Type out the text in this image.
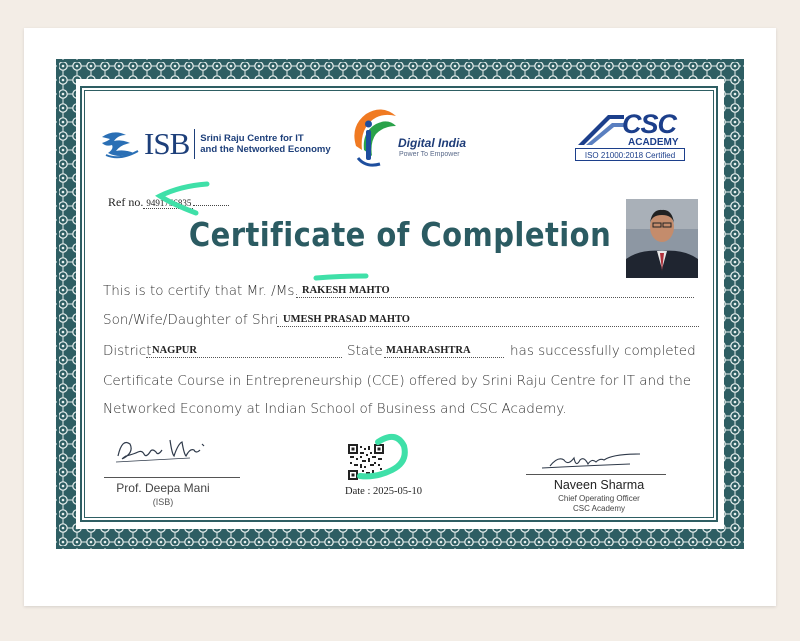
ISB Srini Raju Centre for IT
and the Networked Economy	Digital India
Power To Empower
CSC
ACADEMY
ISO 21000:2018 Certified
Ref no. 9491756835
Certificate of Completion
This is to certify that Mr. /Ms. RAKESH MAHTO
Son/Wife/Daughter of Shri UMESH PRASAD MAHTO
District NAGPUR	State MAHARASHTRA	has successfully completed
Certificate Course in Entrepreneurship (CCE) offered by Srini Raju Centre for IT and the
Networked Economy at Indian School of Business and CSC Academy.
Prof. Deepa Mani
(ISB)
Date : 2025-05-10	Naveen Sharma
Chief Operating Officer
CSC Academy
